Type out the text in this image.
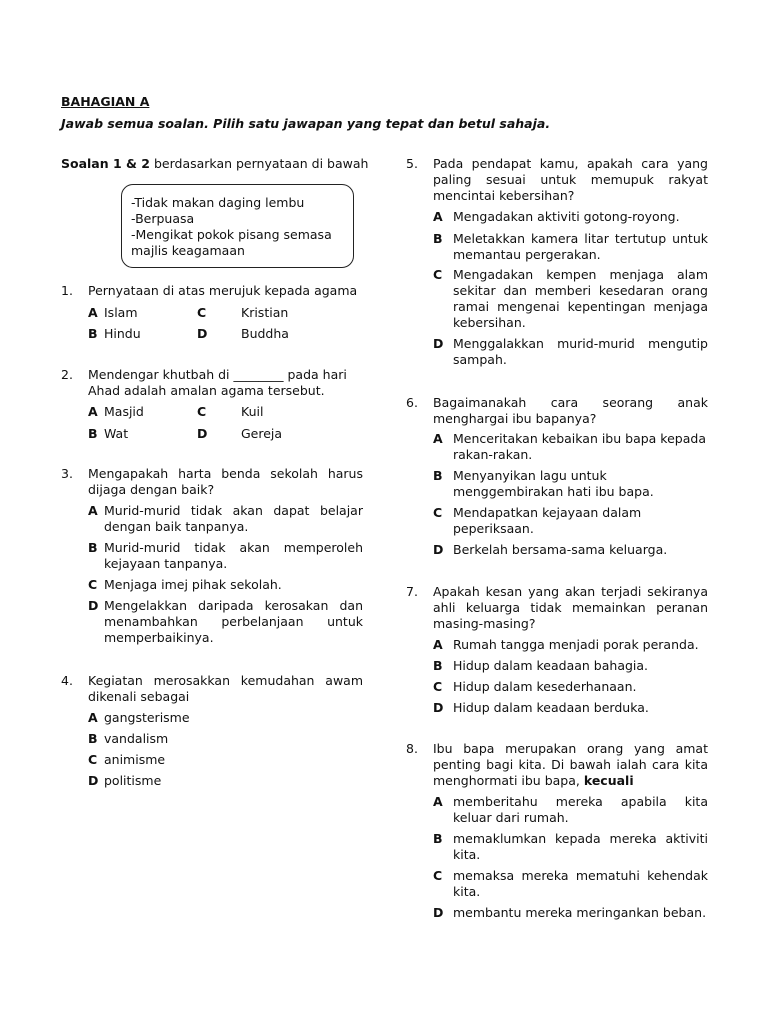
BAHAGIAN A
Jawab semua soalan. Pilih satu jawapan yang tepat dan betul sahaja.
Soalan 1 & 2 berdasarkan pernyataan di bawah
-Tidak makan daging lembu
-Berpuasa
-Mengikat pokok pisang semasa
majlis keagamaan
1. Pernyataan di atas merujuk kepada agama
A Islam	C	Kristian
B Hindu	D	Buddha
2. Mendengar khutbah di ________ pada hari
Ahad adalah amalan agama tersebut.
A Masjid	C	Kuil
B Wat	D	Gereja
3. Mengapakah harta benda sekolah harus dijaga dengan baik?
A Murid-murid tidak akan dapat belajar dengan baik tanpanya.
B Murid-murid tidak akan memperoleh kejayaan tanpanya.
C Menjaga imej pihak sekolah.
D Mengelakkan daripada kerosakan dan menambahkan perbelanjaan untuk memperbaikinya.
4. Kegiatan merosakkan kemudahan awam dikenali sebagai
A gangsterisme
B vandalism
C animisme
D politisme
5. Pada pendapat kamu, apakah cara yang paling sesuai untuk memupuk rakyat mencintai kebersihan?
A Mengadakan aktiviti gotong-royong.
B Meletakkan kamera litar tertutup untuk memantau pergerakan.
C Mengadakan kempen menjaga alam sekitar dan memberi kesedaran orang ramai mengenai kepentingan menjaga kebersihan.
D Menggalakkan murid-murid mengutip sampah.
6. Bagaimanakah cara seorang anak menghargai ibu bapanya?
A Menceritakan kebaikan ibu bapa kepada rakan-rakan.
B Menyanyikan lagu untuk menggembirakan hati ibu bapa.
C Mendapatkan kejayaan dalam peperiksaan.
D Berkelah bersama-sama keluarga.
7. Apakah kesan yang akan terjadi sekiranya ahli keluarga tidak memainkan peranan masing-masing?
A Rumah tangga menjadi porak peranda.
B Hidup dalam keadaan bahagia.
C Hidup dalam kesederhanaan.
D Hidup dalam keadaan berduka.
8. Ibu bapa merupakan orang yang amat penting bagi kita. Di bawah ialah cara kita menghormati ibu bapa, kecuali
A memberitahu mereka apabila kita keluar dari rumah.
B memaklumkan kepada mereka aktiviti kita.
C memaksa mereka mematuhi kehendak kita.
D membantu mereka meringankan beban.
